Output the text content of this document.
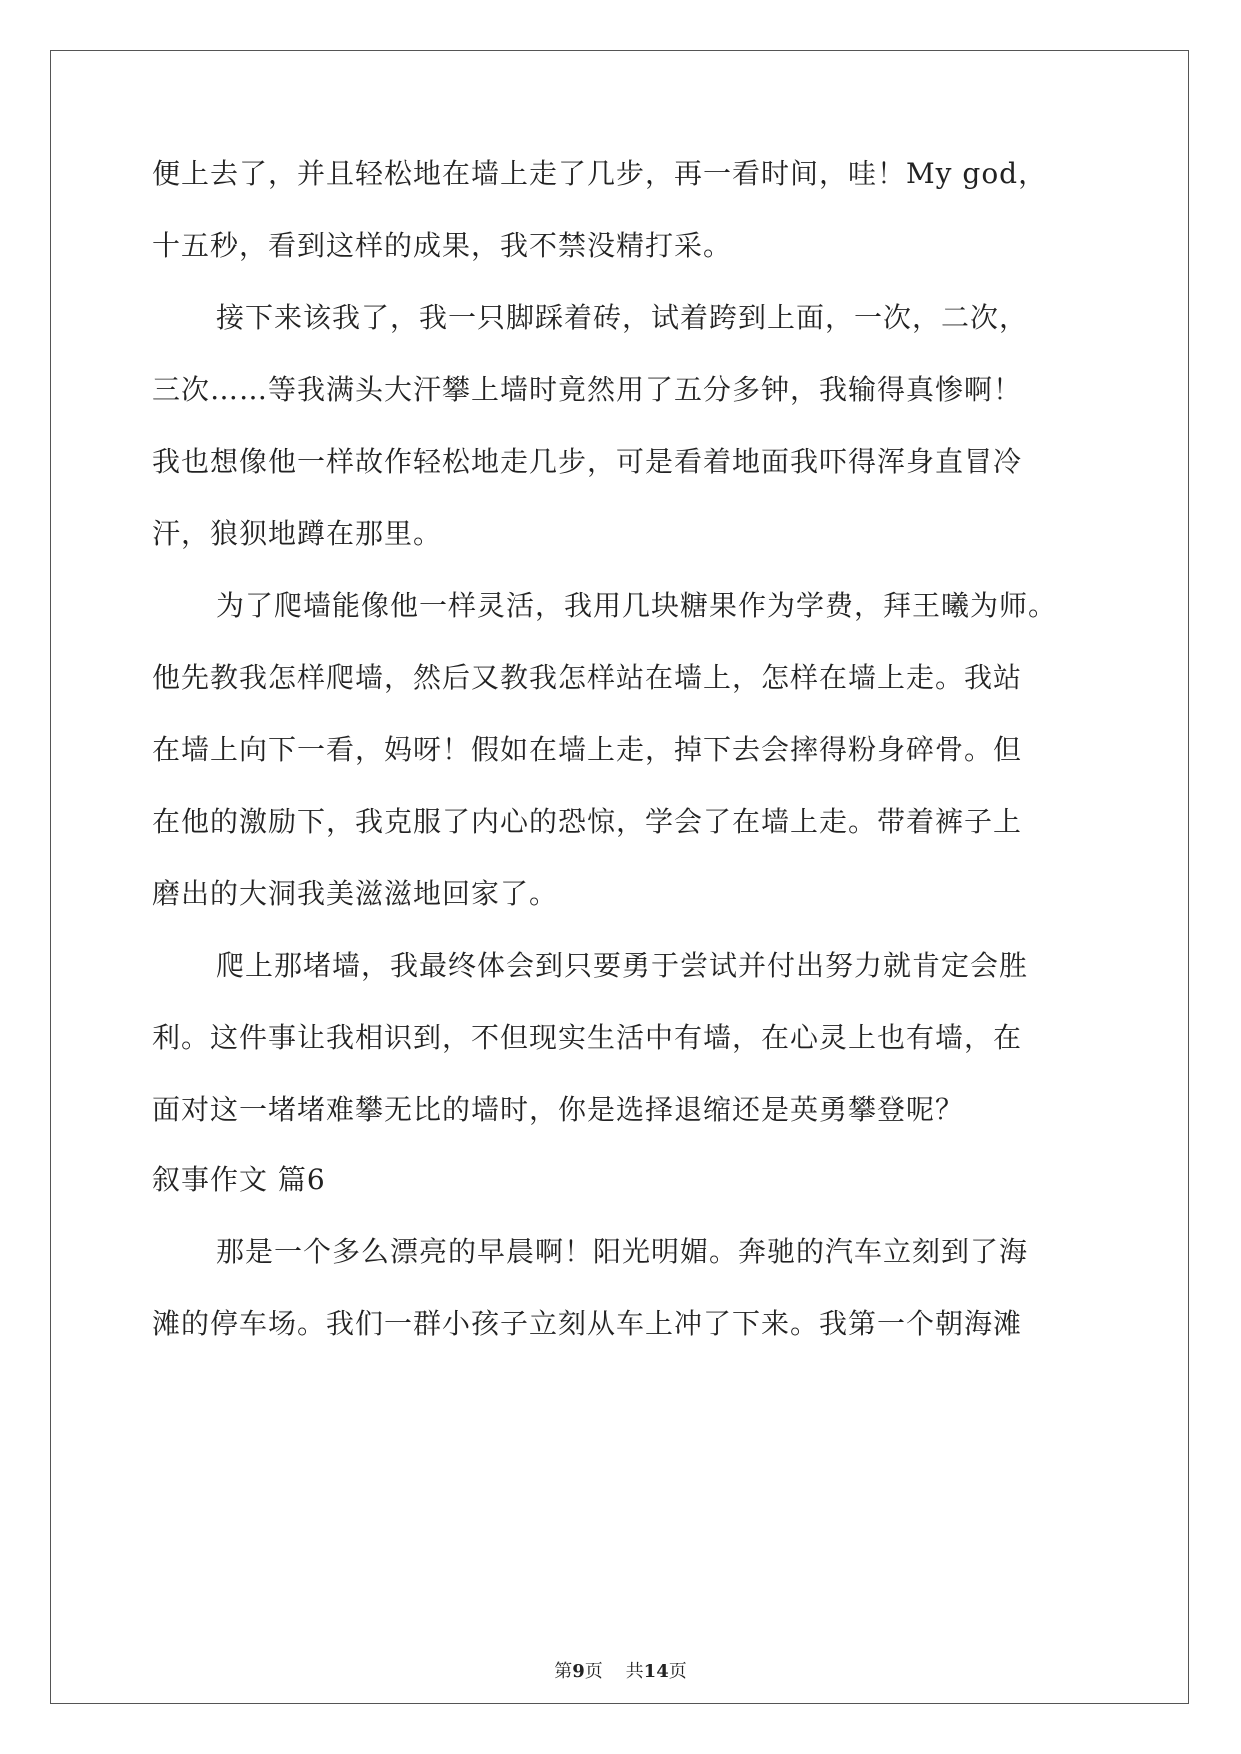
便上去了，并且轻松地在墙上走了几步，再一看时间，哇！My god，
十五秒，看到这样的成果，我不禁没精打采。
接下来该我了，我一只脚踩着砖，试着跨到上面，一次，二次，
三次……等我满头大汗攀上墙时竟然用了五分多钟，我输得真惨啊！
我也想像他一样故作轻松地走几步，可是看着地面我吓得浑身直冒冷
汗，狼狈地蹲在那里。
为了爬墙能像他一样灵活，我用几块糖果作为学费，拜王曦为师。
他先教我怎样爬墙，然后又教我怎样站在墙上，怎样在墙上走。我站
在墙上向下一看，妈呀！假如在墙上走，掉下去会摔得粉身碎骨。但
在他的激励下，我克服了内心的恐惊，学会了在墙上走。带着裤子上
磨出的大洞我美滋滋地回家了。
爬上那堵墙，我最终体会到只要勇于尝试并付出努力就肯定会胜
利。这件事让我相识到，不但现实生活中有墙，在心灵上也有墙，在
面对这一堵堵难攀无比的墙时，你是选择退缩还是英勇攀登呢？
叙事作文 篇6
那是一个多么漂亮的早晨啊！阳光明媚。奔驰的汽车立刻到了海
滩的停车场。我们一群小孩子立刻从车上冲了下来。我第一个朝海滩
第9页    共14页
